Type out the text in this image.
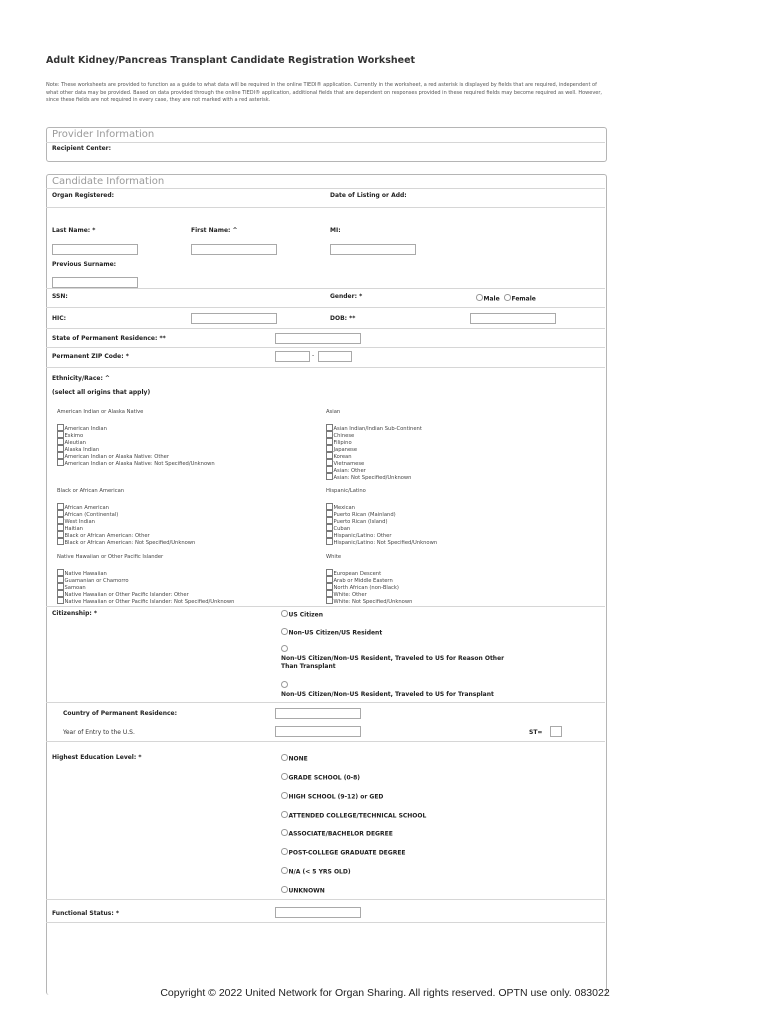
Adult Kidney/Pancreas Transplant Candidate Registration Worksheet
Note: These worksheets are provided to function as a guide to what data will be required in the online TIEDI® application. Currently in the worksheet, a red asterisk is displayed by fields that are required, independent of what other data may be provided. Based on data provided through the online TIEDI® application, additional fields that are dependent on responses provided in these required fields may become required as well. However, since these fields are not required in every case, they are not marked with a red asterisk.
Provider Information
Recipient Center:
Candidate Information
Organ Registered:	Date of Listing or Add:
Last Name: *	First Name: ^	MI:
Previous Surname:
SSN:	Gender: *	Male	Female
HIC:	DOB: **
State of Permanent Residence: **
Permanent ZIP Code: *	-
Ethnicity/Race: ^
(select all origins that apply)
American Indian or Alaska Native
American Indian
Eskimo
Aleutian
Alaska Indian
American Indian or Alaska Native: Other
American Indian or Alaska Native: Not Specified/Unknown
Asian
Asian Indian/Indian Sub-Continent
Chinese
Filipino
Japanese
Korean
Vietnamese
Asian: Other
Asian: Not Specified/Unknown
Black or African American
African American
African (Continental)
West Indian
Haitian
Black or African American: Other
Black or African American: Not Specified/Unknown
Hispanic/Latino
Mexican
Puerto Rican (Mainland)
Puerto Rican (Island)
Cuban
Hispanic/Latino: Other
Hispanic/Latino: Not Specified/Unknown
Native Hawaiian or Other Pacific Islander
Native Hawaiian
Guamanian or Chamorro
Samoan
Native Hawaiian or Other Pacific Islander: Other
Native Hawaiian or Other Pacific Islander: Not Specified/Unknown
White
European Descent
Arab or Middle Eastern
North African (non-Black)
White: Other
White: Not Specified/Unknown
Citizenship: *	US Citizen
Non-US Citizen/US Resident
Non-US Citizen/Non-US Resident, Traveled to US for Reason Other Than Transplant
Non-US Citizen/Non-US Resident, Traveled to US for Transplant
Country of Permanent Residence:
Year of Entry to the U.S.	ST=
Highest Education Level: *	NONE
GRADE SCHOOL (0-8)
HIGH SCHOOL (9-12) or GED
ATTENDED COLLEGE/TECHNICAL SCHOOL
ASSOCIATE/BACHELOR DEGREE
POST-COLLEGE GRADUATE DEGREE
N/A (< 5 YRS OLD)
UNKNOWN
Functional Status: *
Copyright © 2022 United Network for Organ Sharing. All rights reserved. OPTN use only. 083022
